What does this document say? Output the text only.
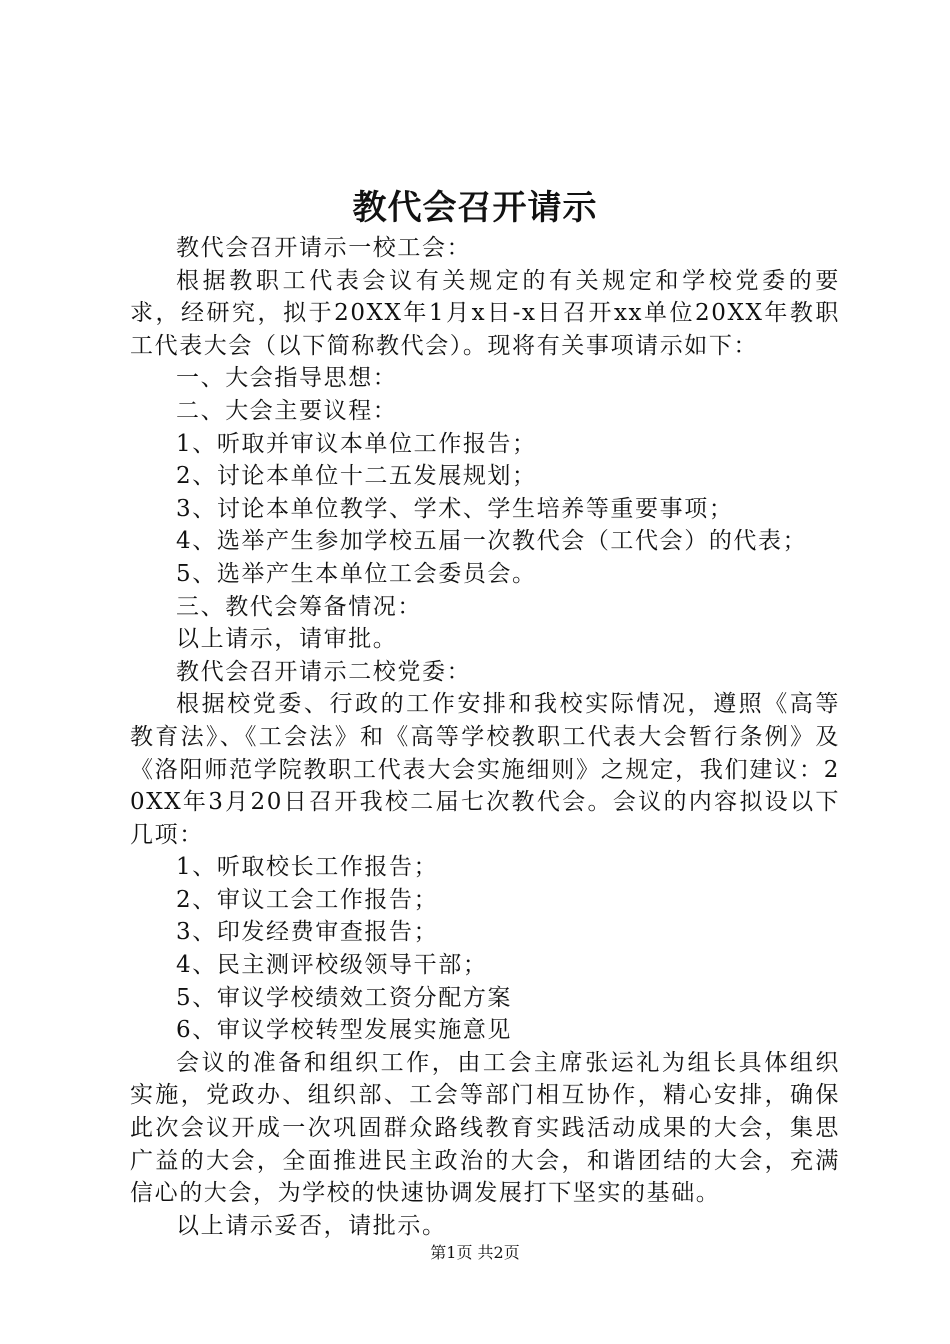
教代会召开请示

教代会召开请示一校工会：

根据教职工代表会议有关规定的有关规定和学校党委的要求，经研究，拟于20XX年1月x日-x日召开xx单位20XX年教职工代表大会（以下简称教代会）。现将有关事项请示如下：

一、大会指导思想：

二、大会主要议程：

1、听取并审议本单位工作报告；

2、讨论本单位十二五发展规划；

3、讨论本单位教学、学术、学生培养等重要事项；

4、选举产生参加学校五届一次教代会（工代会）的代表；

5、选举产生本单位工会委员会。

三、教代会筹备情况：

以上请示，请审批。

教代会召开请示二校党委：

根据校党委、行政的工作安排和我校实际情况，遵照《高等教育法》、《工会法》和《高等学校教职工代表大会暂行条例》及《洛阳师范学院教职工代表大会实施细则》之规定，我们建议：20XX年3月20日召开我校二届七次教代会。会议的内容拟设以下几项：

1、听取校长工作报告；

2、审议工会工作报告；

3、印发经费审查报告；

4、民主测评校级领导干部；

5、审议学校绩效工资分配方案

6、审议学校转型发展实施意见

会议的准备和组织工作，由工会主席张运礼为组长具体组织实施，党政办、组织部、工会等部门相互协作，精心安排，确保此次会议开成一次巩固群众路线教育实践活动成果的大会，集思广益的大会，全面推进民主政治的大会，和谐团结的大会，充满信心的大会，为学校的快速协调发展打下坚实的基础。

以上请示妥否，请批示。

第1页 共2页
